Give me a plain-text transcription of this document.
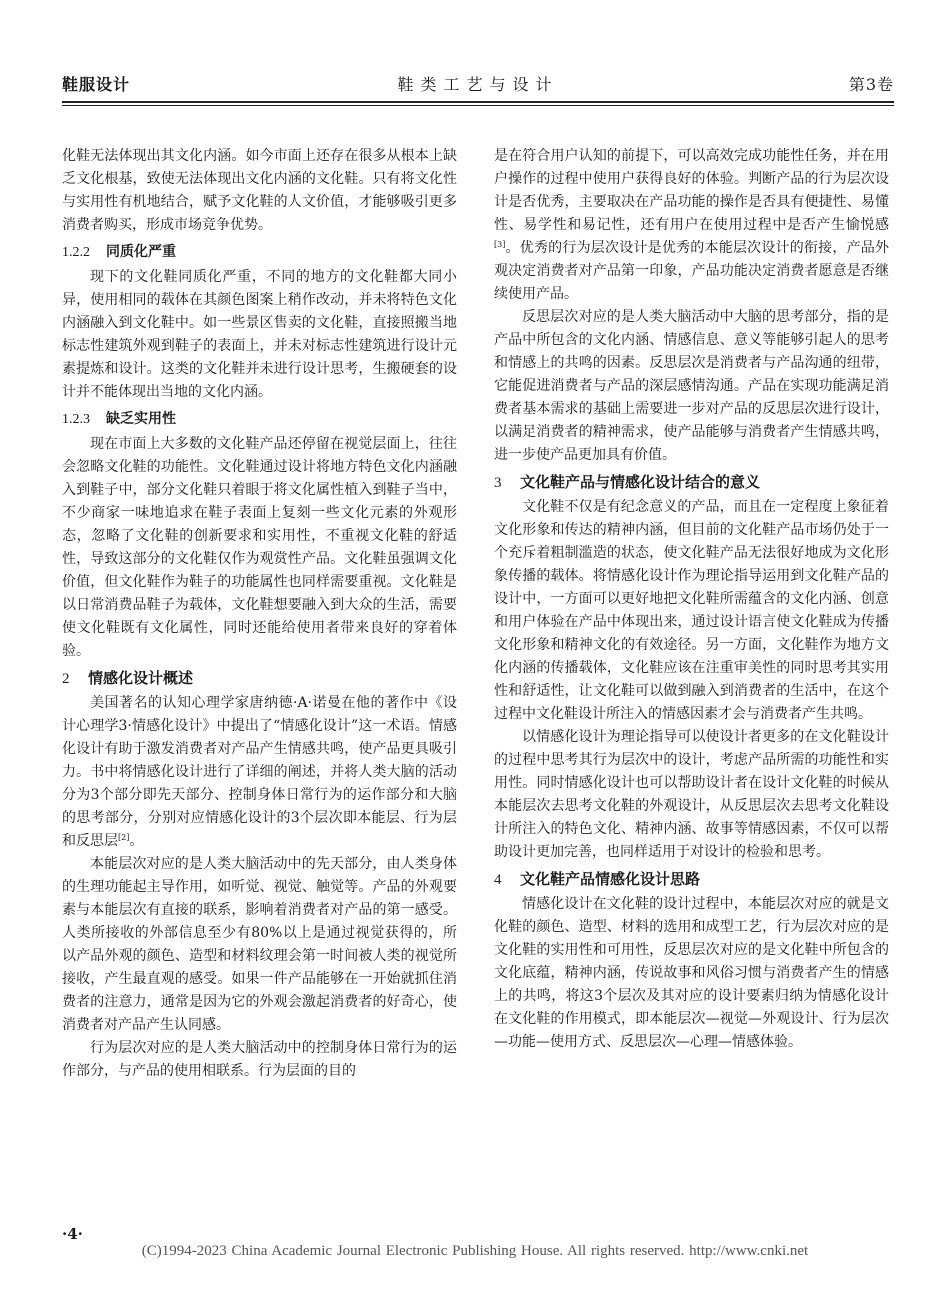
鞋服设计	鞋类工艺与设计	第3卷

化鞋无法体现出其文化内涵。如今市面上还存在很多从根本上缺乏文化根基，致使无法体现出文化内涵的文化鞋。只有将文化性与实用性有机地结合，赋予文化鞋的人文价值，才能够吸引更多消费者购买，形成市场竞争优势。

1.2.2 同质化严重

现下的文化鞋同质化严重，不同的地方的文化鞋都大同小异，使用相同的载体在其颜色图案上稍作改动，并未将特色文化内涵融入到文化鞋中。如一些景区售卖的文化鞋，直接照搬当地标志性建筑外观到鞋子的表面上，并未对标志性建筑进行设计元素提炼和设计。这类的文化鞋并未进行设计思考，生搬硬套的设计并不能体现出当地的文化内涵。

1.2.3 缺乏实用性

现在市面上大多数的文化鞋产品还停留在视觉层面上，往往会忽略文化鞋的功能性。文化鞋通过设计将地方特色文化内涵融入到鞋子中，部分文化鞋只着眼于将文化属性植入到鞋子当中，不少商家一味地追求在鞋子表面上复刻一些文化元素的外观形态，忽略了文化鞋的创新要求和实用性，不重视文化鞋的舒适性，导致这部分的文化鞋仅作为观赏性产品。文化鞋虽强调文化价值，但文化鞋作为鞋子的功能属性也同样需要重视。文化鞋是以日常消费品鞋子为载体，文化鞋想要融入到大众的生活，需要使文化鞋既有文化属性，同时还能给使用者带来良好的穿着体验。

2 情感化设计概述

美国著名的认知心理学家唐纳德·A·诺曼在他的著作中《设计心理学3·情感化设计》中提出了“情感化设计”这一术语。情感化设计有助于激发消费者对产品产生情感共鸣，使产品更具吸引力。书中将情感化设计进行了详细的阐述，并将人类大脑的活动分为3个部分即先天部分、控制身体日常行为的运作部分和大脑的思考部分，分别对应情感化设计的3个层次即本能层、行为层和反思层[2]。

本能层次对应的是人类大脑活动中的先天部分，由人类身体的生理功能起主导作用，如听觉、视觉、触觉等。产品的外观要素与本能层次有直接的联系，影响着消费者对产品的第一感受。人类所接收的外部信息至少有80%以上是通过视觉获得的，所以产品外观的颜色、造型和材料纹理会第一时间被人类的视觉所接收，产生最直观的感受。如果一件产品能够在一开始就抓住消费者的注意力，通常是因为它的外观会激起消费者的好奇心，使消费者对产品产生认同感。

行为层次对应的是人类大脑活动中的控制身体日常行为的运作部分，与产品的使用相联系。行为层面的目的

是在符合用户认知的前提下，可以高效完成功能性任务，并在用户操作的过程中使用户获得良好的体验。判断产品的行为层次设计是否优秀，主要取决在产品功能的操作是否具有便捷性、易懂性、易学性和易记性，还有用户在使用过程中是否产生愉悦感[3]。优秀的行为层次设计是优秀的本能层次设计的衔接，产品外观决定消费者对产品第一印象，产品功能决定消费者愿意是否继续使用产品。

反思层次对应的是人类大脑活动中大脑的思考部分，指的是产品中所包含的文化内涵、情感信息、意义等能够引起人的思考和情感上的共鸣的因素。反思层次是消费者与产品沟通的纽带，它能促进消费者与产品的深层感情沟通。产品在实现功能满足消费者基本需求的基础上需要进一步对产品的反思层次进行设计，以满足消费者的精神需求，使产品能够与消费者产生情感共鸣，进一步使产品更加具有价值。

3 文化鞋产品与情感化设计结合的意义

文化鞋不仅是有纪念意义的产品，而且在一定程度上象征着文化形象和传达的精神内涵，但目前的文化鞋产品市场仍处于一个充斥着粗制滥造的状态，使文化鞋产品无法很好地成为文化形象传播的载体。将情感化设计作为理论指导运用到文化鞋产品的设计中，一方面可以更好地把文化鞋所需蕴含的文化内涵、创意和用户体验在产品中体现出来，通过设计语言使文化鞋成为传播文化形象和精神文化的有效途径。另一方面，文化鞋作为地方文化内涵的传播载体，文化鞋应该在注重审美性的同时思考其实用性和舒适性，让文化鞋可以做到融入到消费者的生活中，在这个过程中文化鞋设计所注入的情感因素才会与消费者产生共鸣。

以情感化设计为理论指导可以使设计者更多的在文化鞋设计的过程中思考其行为层次中的设计，考虑产品所需的功能性和实用性。同时情感化设计也可以帮助设计者在设计文化鞋的时候从本能层次去思考文化鞋的外观设计，从反思层次去思考文化鞋设计所注入的特色文化、精神内涵、故事等情感因素，不仅可以帮助设计更加完善，也同样适用于对设计的检验和思考。

4 文化鞋产品情感化设计思路

情感化设计在文化鞋的设计过程中，本能层次对应的就是文化鞋的颜色、造型、材料的选用和成型工艺，行为层次对应的是文化鞋的实用性和可用性，反思层次对应的是文化鞋中所包含的文化底蕴，精神内涵，传说故事和风俗习惯与消费者产生的情感上的共鸣，将这3个层次及其对应的设计要素归纳为情感化设计在文化鞋的作用模式，即本能层次—视觉—外观设计、行为层次—功能—使用方式、反思层次—心理—情感体验。

·4·
(C)1994-2023 China Academic Journal Electronic Publishing House. All rights reserved. http://www.cnki.net
